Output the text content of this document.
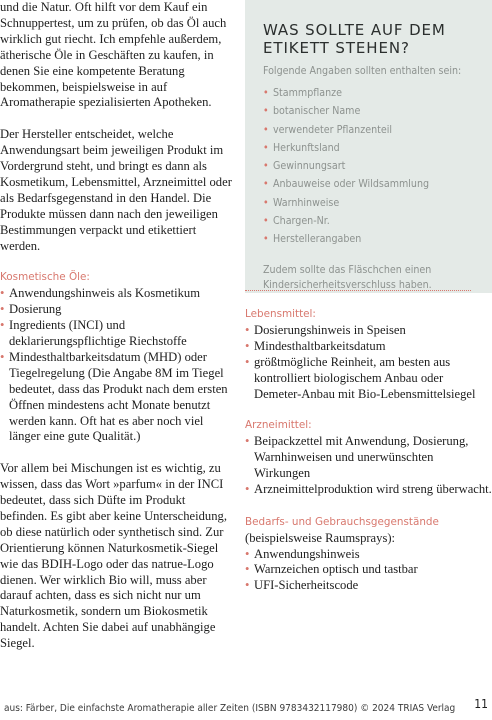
und die Natur. Oft hilft vor dem Kauf ein Schnuppertest, um zu prüfen, ob das Öl auch wirklich gut riecht. Ich empfehle außerdem, ätherische Öle in Geschäften zu kaufen, in denen Sie eine kompetente Beratung bekommen, beispielsweise in auf Aromatherapie spezialisierten Apotheken.

Der Hersteller entscheidet, welche Anwendungsart beim jeweiligen Produkt im Vordergrund steht, und bringt es dann als Kosmetikum, Lebensmittel, Arzneimittel oder als Bedarfsgegenstand in den Handel. Die Produkte müssen dann nach den jeweiligen Bestimmungen verpackt und etikettiert werden.

Kosmetische Öle:
• Anwendungshinweis als Kosmetikum
• Dosierung
• Ingredients (INCI) und deklarierungspflichtige Riechstoffe
• Mindesthaltbarkeitsdatum (MHD) oder Tiegelregelung (Die Angabe 8M im Tiegel bedeutet, dass das Produkt nach dem ersten Öffnen mindestens acht Monate benutzt werden kann. Oft hat es aber noch viel länger eine gute Qualität.)

Vor allem bei Mischungen ist es wichtig, zu wissen, dass das Wort »parfum« in der INCI bedeutet, dass sich Düfte im Produkt befinden. Es gibt aber keine Unterscheidung, ob diese natürlich oder synthetisch sind. Zur Orientierung können Naturkosmetik-Siegel wie das BDIH-Logo oder das natrue-Logo dienen. Wer wirklich Bio will, muss aber darauf achten, dass es sich nicht nur um Naturkosmetik, sondern um Biokosmetik handelt. Achten Sie dabei auf unabhängige Siegel.

WAS SOLLTE AUF DEM ETIKETT STEHEN?
Folgende Angaben sollten enthalten sein:
• Stammpflanze
• botanischer Name
• verwendeter Pflanzenteil
• Herkunftsland
• Gewinnungsart
• Anbauweise oder Wildsammlung
• Warnhinweise
• Chargen-Nr.
• Herstellerangaben
Zudem sollte das Fläschchen einen Kindersicherheitsverschluss haben.
Lebensmittel:
• Dosierungshinweis in Speisen
• Mindesthaltbarkeitsdatum
• größtmögliche Reinheit, am besten aus kontrolliert biologischem Anbau oder Demeter-Anbau mit Bio-Lebensmittelsiegel
Arzneimittel:
• Beipackzettel mit Anwendung, Dosierung, Warnhinweisen und unerwünschten Wirkungen
• Arzneimittelproduktion wird streng überwacht.
Bedarfs- und Gebrauchsgegenstände (beispielsweise Raumsprays):
• Anwendungshinweis
• Warnzeichen optisch und tastbar
• UFI-Sicherheitscode
aus: Färber, Die einfachste Aromatherapie aller Zeiten (ISBN 9783432117980) © 2024 TRIAS Verlag 11
